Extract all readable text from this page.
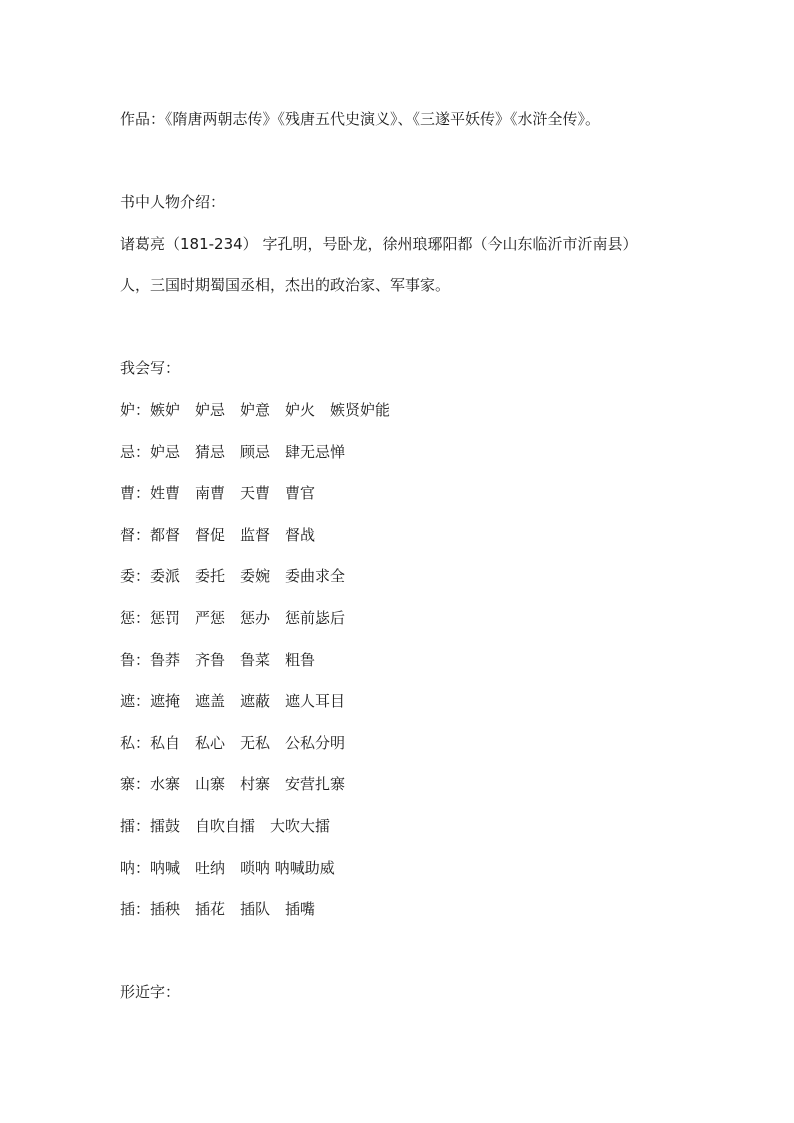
作品：《隋唐两朝志传》《残唐五代史演义》、《三遂平妖传》《水浒全传》。
书中人物介绍：
诸葛亮（181-234） 字孔明，号卧龙，徐州琅琊阳都（今山东临沂市沂南县）
人，三国时期蜀国丞相，杰出的政治家、军事家。
我会写：
妒：嫉妒　妒忌　妒意　妒火　嫉贤妒能
忌：妒忌　猜忌　顾忌　肆无忌惮
曹：姓曹　南曹　天曹　曹官
督：都督　督促　监督　督战
委：委派　委托　委婉　委曲求全
惩：惩罚　严惩　惩办　惩前毖后
鲁：鲁莽　齐鲁　鲁菜　粗鲁
遮：遮掩　遮盖　遮蔽　遮人耳目
私：私自　私心　无私　公私分明
寨：水寨　山寨　村寨　安营扎寨
擂：擂鼓　自吹自擂　大吹大擂
呐：呐喊　吐纳　唢呐 呐喊助威
插：插秧　插花　插队　插嘴
形近字：
